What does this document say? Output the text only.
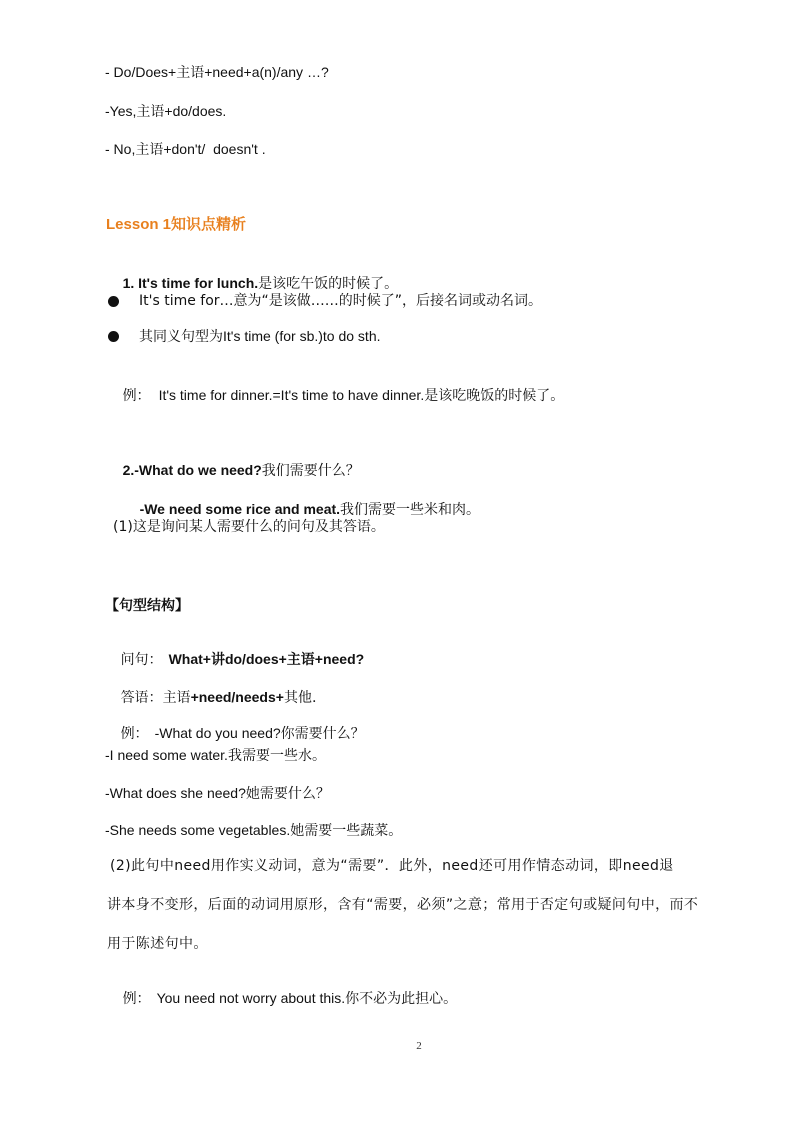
- Do/Does+主语+need+a(n)/any …?
-Yes,主语+do/does.
- No,主语+don't/  doesn't .
Lesson 1知识点精析

1. It's time for lunch.是该吃午饭的时候了。

It's time for…意为“是该做……的时候了”，后接名词或动名词。
其同义句型为It's time (for sb.)to do sth.

例： It's time for dinner.=It's time to have dinner.是该吃晚饭的时候了。

2.-What do we need?我们需要什么？

-We need some rice and meat.我们需要一些米和肉。

(1)这是询问某人需要什么的问句及其答语。
【句型结构】

问句： What+讲do/does+主语+need?

答语：主语+need/needs+其他.

例： -What do you need?你需要什么？

-I need some water.我需要一些水。
-What does she need?她需要什么？
-She needs some vegetables.她需要一些蔬菜。
(2)此句中need用作实义动词，意为“需要”．此外，need还可用作情态动词，即need退
讲本身不变形，后面的动词用原形，含有“需要，必须”之意；常用于否定句或疑问句中，而不
用于陈述句中。

例： You need not worry about this.你不必为此担心。

2
